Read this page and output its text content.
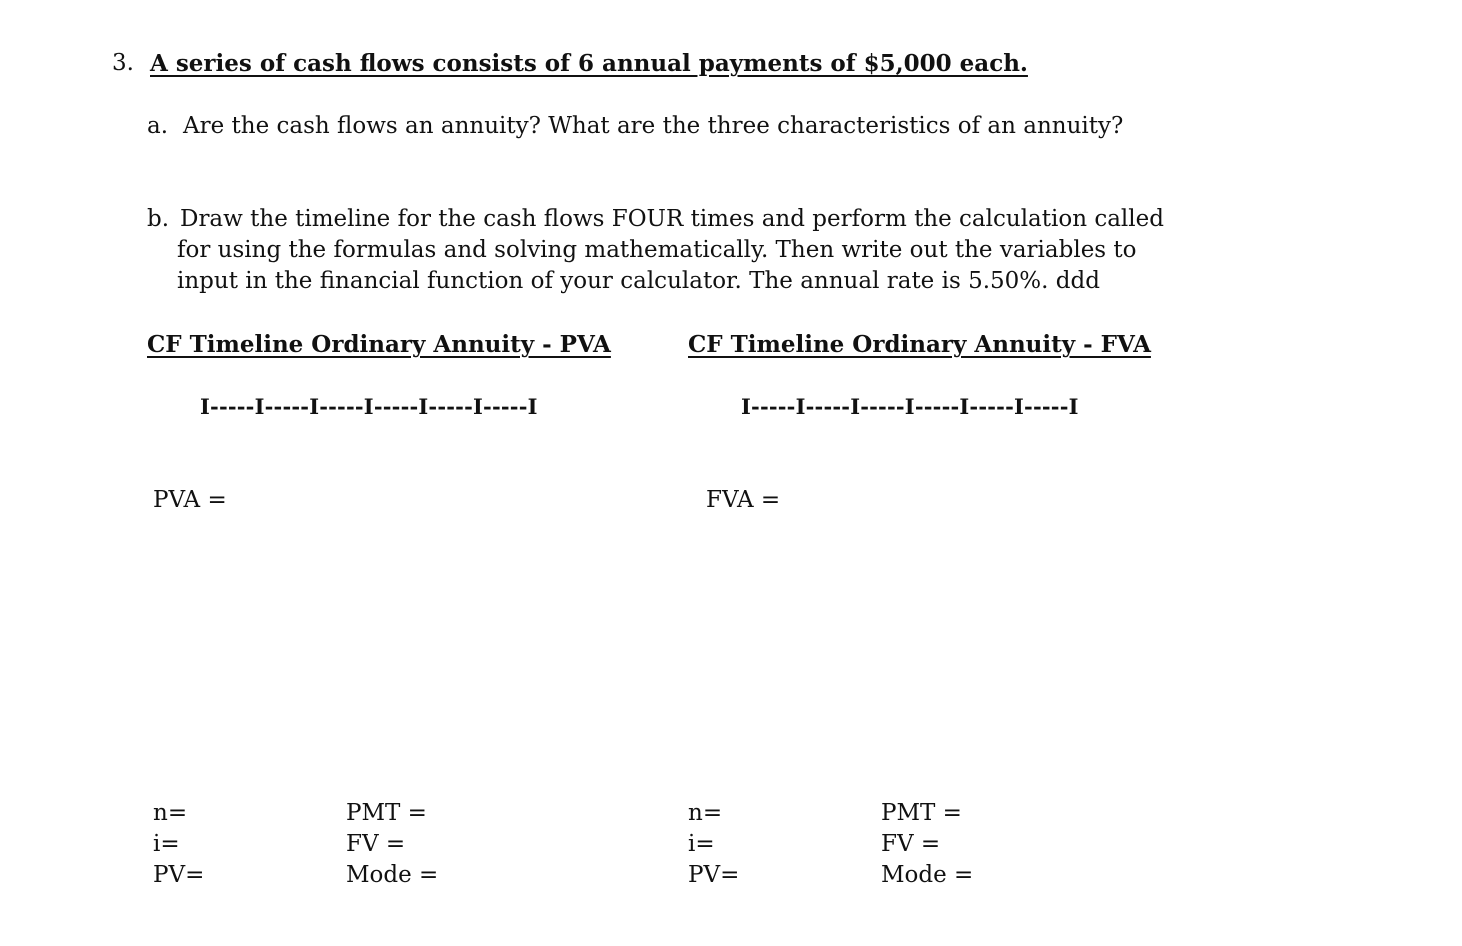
3. A series of cash flows consists of 6 annual payments of $5,000 each.
a. Are the cash flows an annuity? What are the three characteristics of an annuity?
b. Draw the timeline for the cash flows FOUR times and perform the calculation called
for using the formulas and solving mathematically. Then write out the variables to
input in the financial function of your calculator. The annual rate is 5.50%. ddd
CF Timeline Ordinary Annuity - PVA
I-----I-----I-----I-----I-----I-----I
PVA =
n=
i=
PV=
PMT =
FV =
Mode =
CF Timeline Ordinary Annuity - FVA
I-----I-----I-----I-----I-----I-----I
FVA =
n=
i=
PV=
PMT =
FV =
Mode =
